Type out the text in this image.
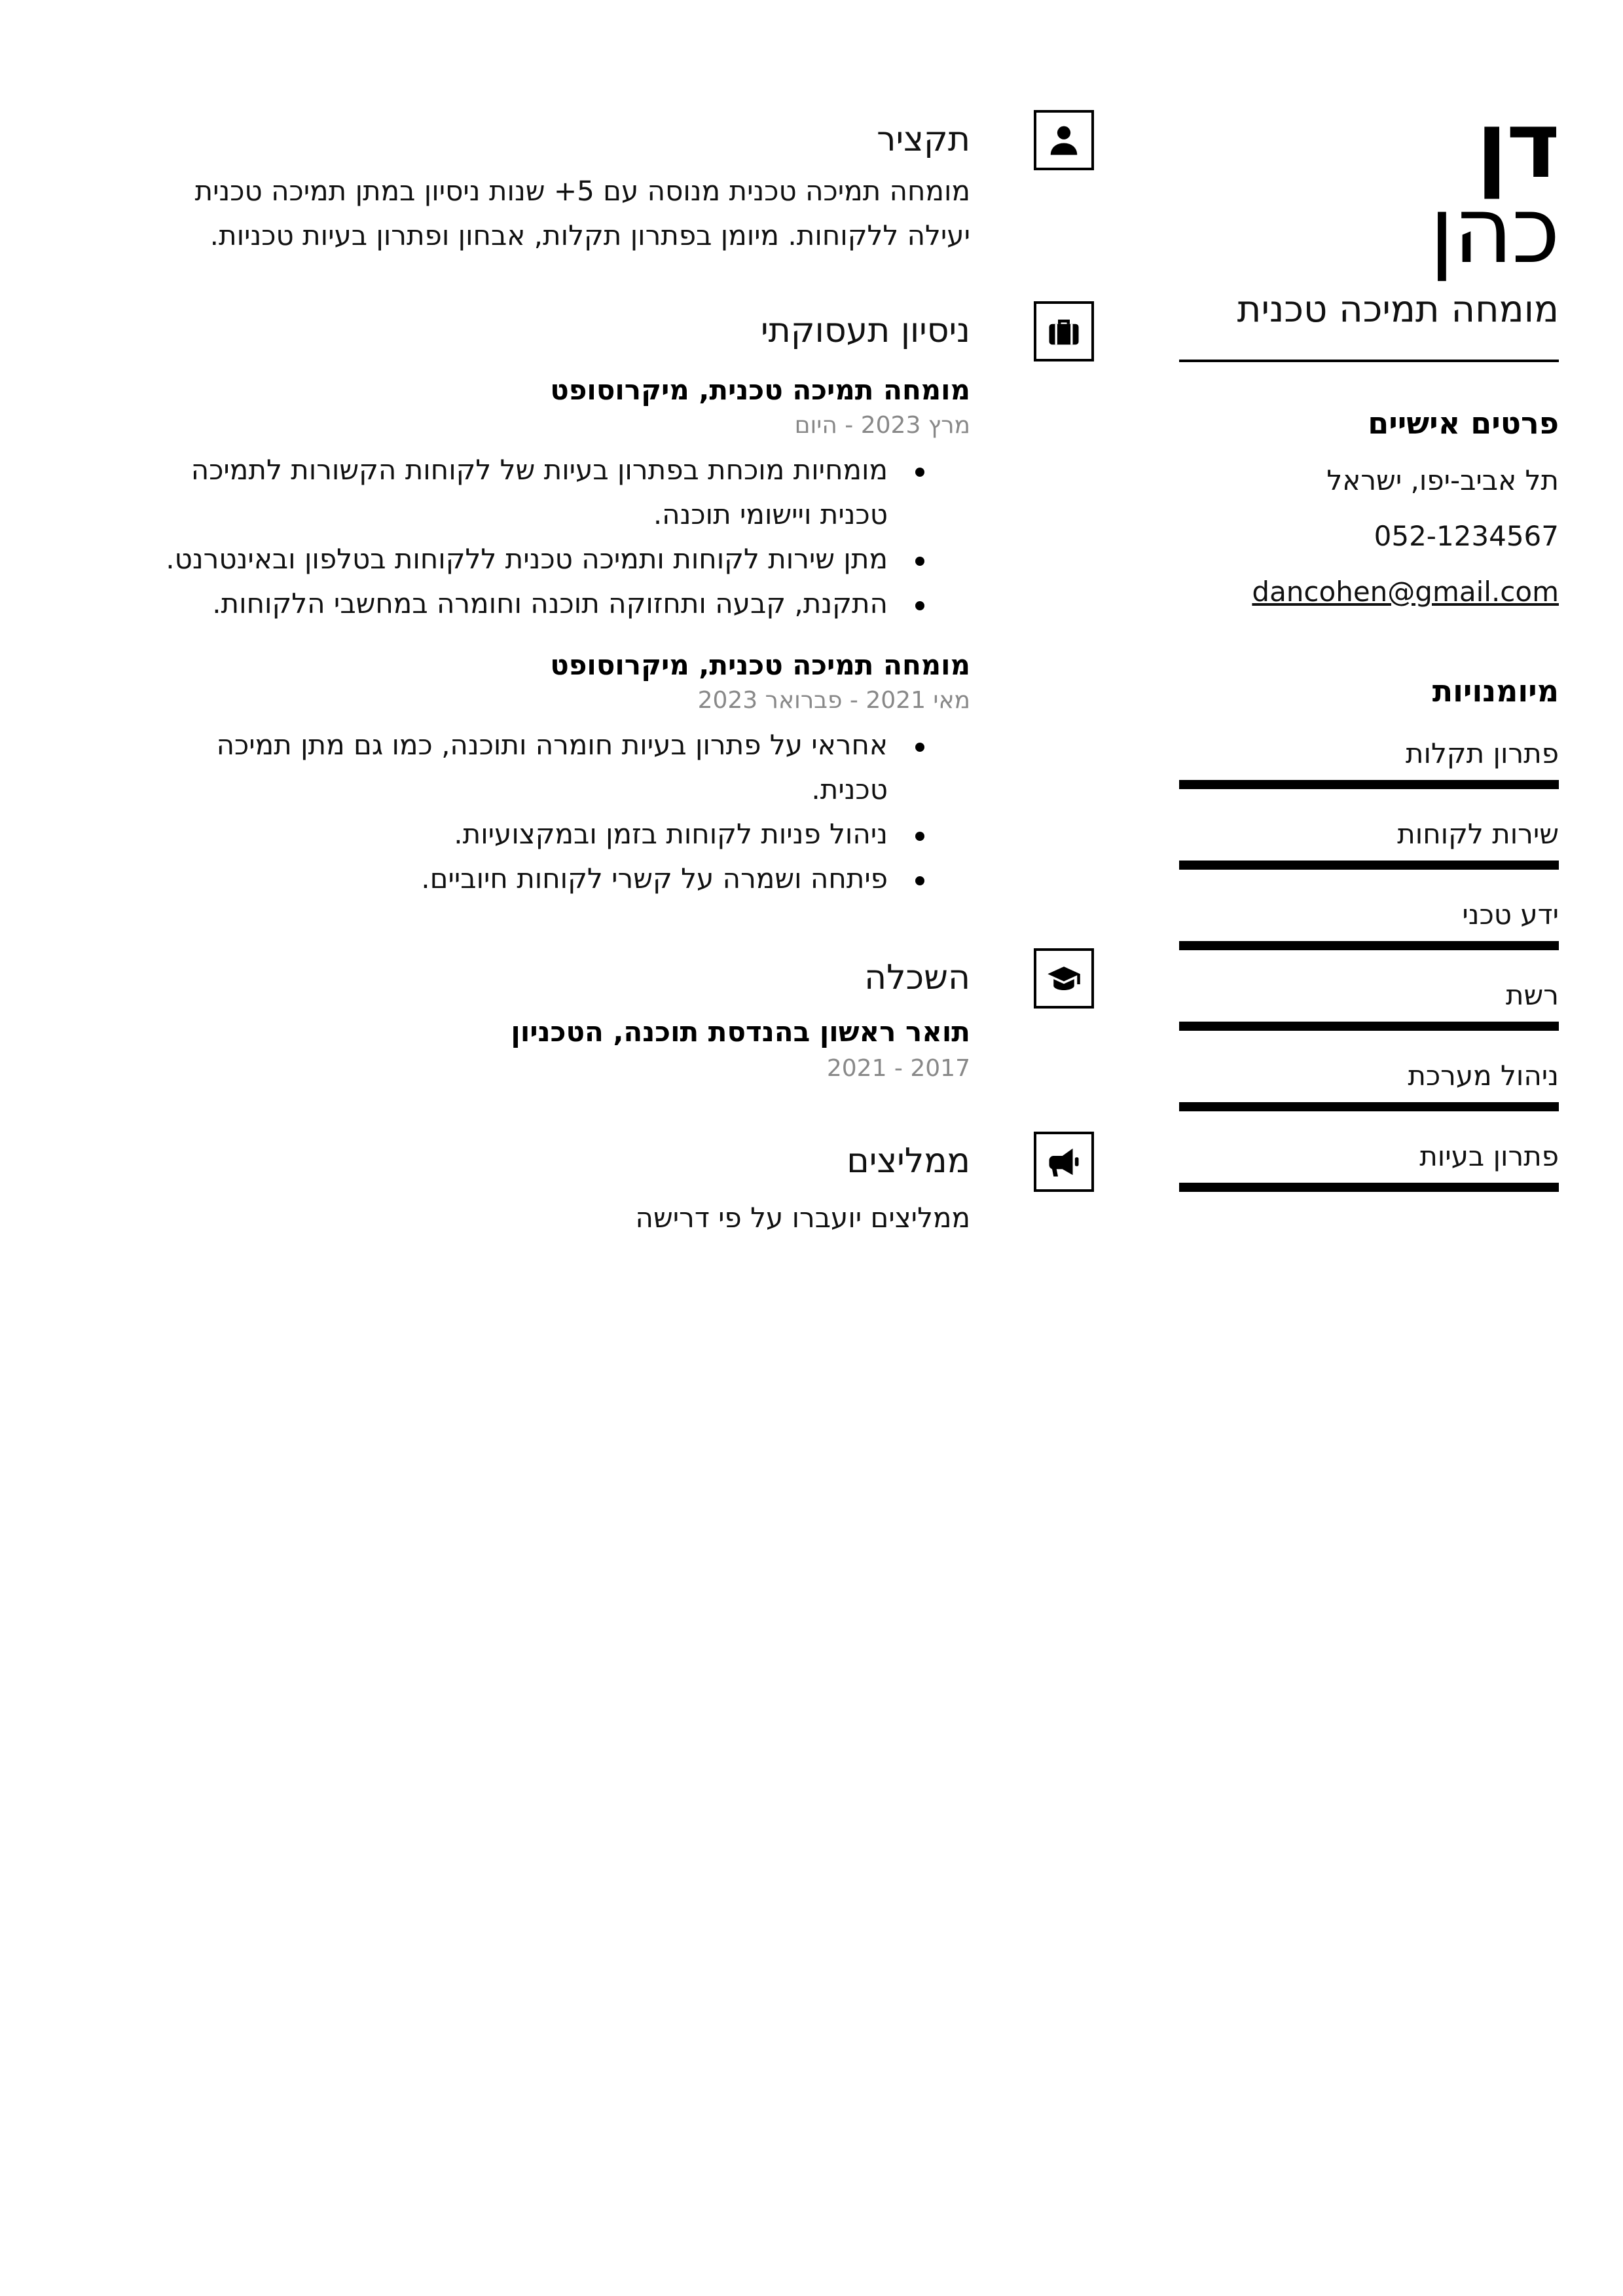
דן
כהן
מומחה תמיכה טכנית
פרטים אישיים
תל אביב-יפו, ישראל
052-1234567
dancohen@gmail.com
מיומנויות
פתרון תקלות
שירות לקוחות
ידע טכני
רשת
ניהול מערכת
פתרון בעיות
תקציר
מומחה תמיכה טכנית מנוסה עם 5+ שנות ניסיון במתן תמיכה טכנית יעילה ללקוחות. מיומן בפתרון תקלות, אבחון ופתרון בעיות טכניות.
ניסיון תעסוקתי
מומחה תמיכה טכנית, מיקרוסופט
מרץ 2023 - היום
מומחיות מוכחת בפתרון בעיות של לקוחות הקשורות לתמיכה טכנית ויישומי תוכנה.
מתן שירות לקוחות ותמיכה טכנית ללקוחות בטלפון ובאינטרנט.
התקנת, קבעה ותחזוקה תוכנה וחומרה במחשבי הלקוחות.
מומחה תמיכה טכנית, מיקרוסופט
מאי 2021 - פברואר 2023
אחראי על פתרון בעיות חומרה ותוכנה, כמו גם מתן תמיכה טכנית.
ניהול פניות לקוחות בזמן ובמקצועיות.
פיתחה ושמרה על קשרי לקוחות חיוביים.
השכלה
תואר ראשון בהנדסת תוכנה, הטכניון
2017 - 2021
ממליצים
ממליצים יועברו על פי דרישה
